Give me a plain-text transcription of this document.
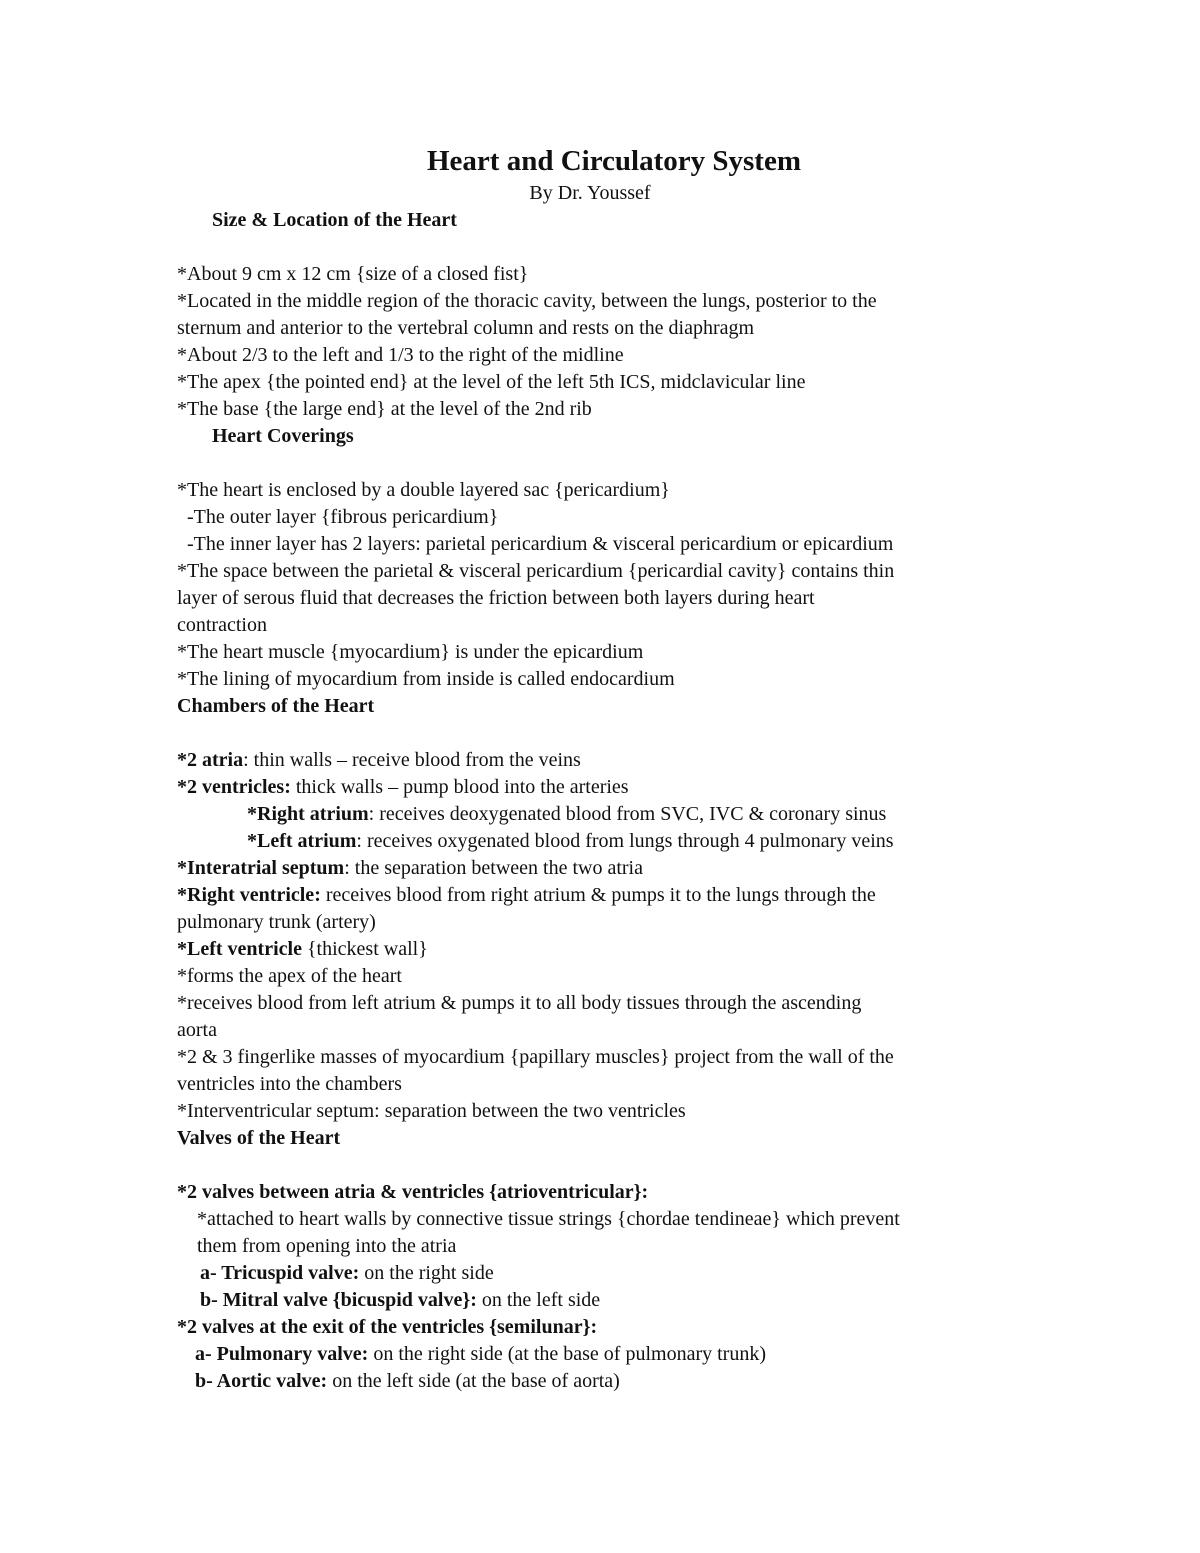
Heart and Circulatory System
By Dr. Youssef
Size & Location of the Heart
*About 9 cm x 12 cm {size of a closed fist}
*Located in the middle region of the thoracic cavity, between the lungs, posterior to the
sternum and anterior to the vertebral column and rests on the diaphragm
*About 2/3 to the left and 1/3 to the right of the midline
*The apex {the pointed end} at the level of the left 5th ICS, midclavicular line
*The base {the large end} at the level of the 2nd rib
Heart Coverings
*The heart is enclosed by a double layered sac {pericardium}
-The outer layer {fibrous pericardium}
-The inner layer has 2 layers: parietal pericardium & visceral pericardium or epicardium
*The space between the parietal & visceral pericardium {pericardial cavity} contains thin
layer of serous fluid that decreases the friction between both layers during heart
contraction
*The heart muscle {myocardium} is under the epicardium
*The lining of myocardium from inside is called endocardium
Chambers of the Heart
*2 atria: thin walls – receive blood from the veins
*2 ventricles: thick walls – pump blood into the arteries
*Right atrium: receives deoxygenated blood from SVC, IVC & coronary sinus
*Left atrium: receives oxygenated blood from lungs through 4 pulmonary veins
*Interatrial septum: the separation between the two atria
*Right ventricle: receives blood from right atrium & pumps it to the lungs through the
pulmonary trunk (artery)
*Left ventricle {thickest wall}
*forms the apex of the heart
*receives blood from left atrium & pumps it to all body tissues through the ascending
aorta
*2 & 3 fingerlike masses of myocardium {papillary muscles} project from the wall of the
ventricles into the chambers
*Interventricular septum: separation between the two ventricles
Valves of the Heart
*2 valves between atria & ventricles {atrioventricular}:
*attached to heart walls by connective tissue strings {chordae tendineae} which prevent
them from opening into the atria
a- Tricuspid valve: on the right side
b- Mitral valve {bicuspid valve}: on the left side
*2 valves at the exit of the ventricles {semilunar}:
a- Pulmonary valve: on the right side (at the base of pulmonary trunk)
b- Aortic valve: on the left side (at the base of aorta)
